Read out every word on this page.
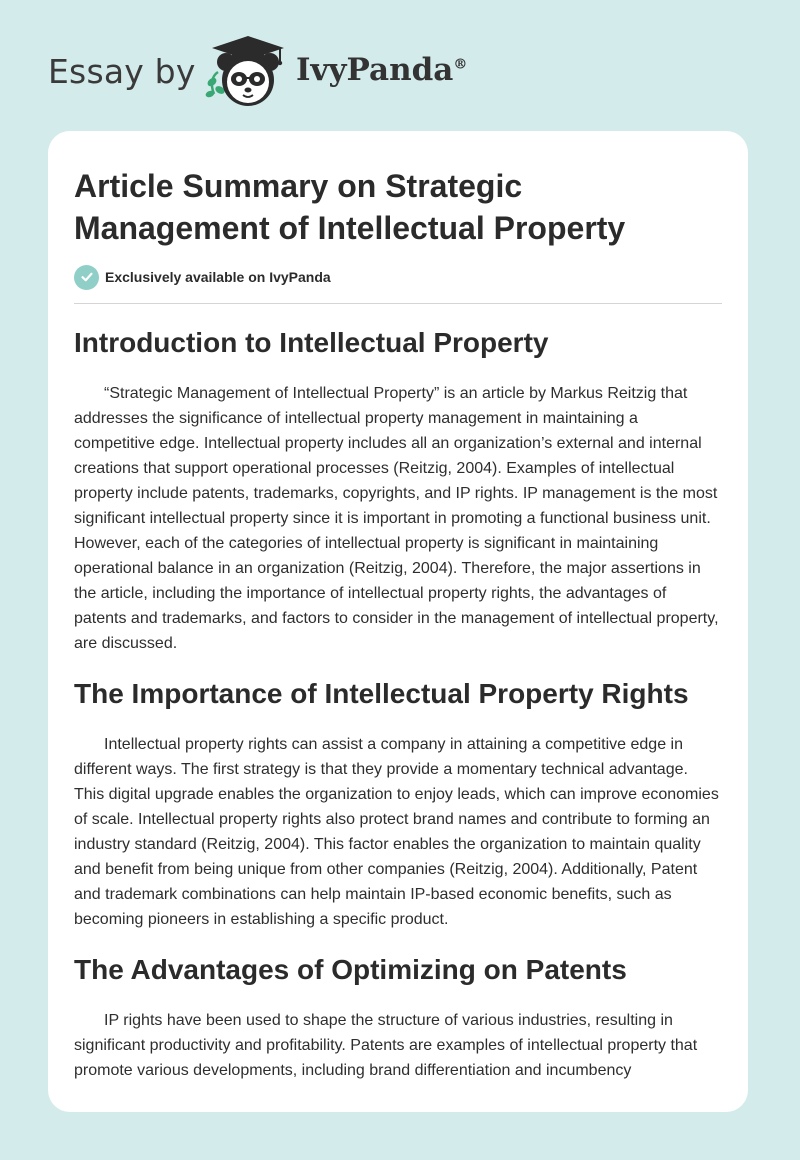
Essay by	IvyPanda®
Article Summary on Strategic Management of Intellectual Property
Exclusively available on IvyPanda
Introduction to Intellectual Property

“Strategic Management of Intellectual Property” is an article by Markus Reitzig that addresses the significance of intellectual property management in maintaining a competitive edge. Intellectual property includes all an organization’s external and internal creations that support operational processes (Reitzig, 2004). Examples of intellectual property include patents, trademarks, copyrights, and IP rights. IP management is the most significant intellectual property since it is important in promoting a functional business unit. However, each of the categories of intellectual property is significant in maintaining operational balance in an organization (Reitzig, 2004). Therefore, the major assertions in the article, including the importance of intellectual property rights, the advantages of patents and trademarks, and factors to consider in the management of intellectual property, are discussed.

The Importance of Intellectual Property Rights

Intellectual property rights can assist a company in attaining a competitive edge in different ways. The first strategy is that they provide a momentary technical advantage. This digital upgrade enables the organization to enjoy leads, which can improve economies of scale. Intellectual property rights also protect brand names and contribute to forming an industry standard (Reitzig, 2004). This factor enables the organization to maintain quality and benefit from being unique from other companies (Reitzig, 2004). Additionally, Patent and trademark combinations can help maintain IP-based economic benefits, such as becoming pioneers in establishing a specific product.

The Advantages of Optimizing on Patents

IP rights have been used to shape the structure of various industries, resulting in significant productivity and profitability. Patents are examples of intellectual property that promote various developments, including brand differentiation and incumbency
